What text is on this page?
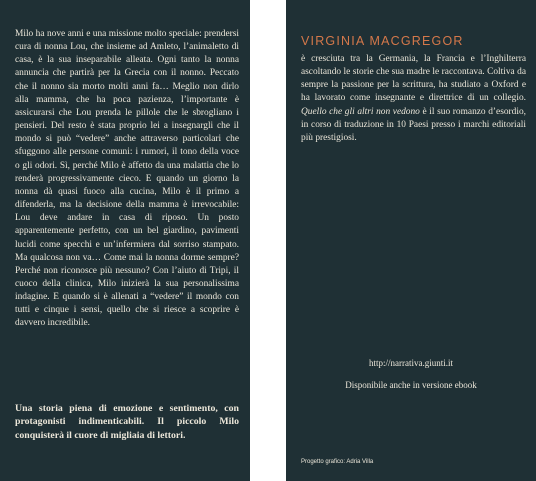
Milo ha nove anni e una missione molto speciale: prendersi cura di nonna Lou, che insieme ad Amleto, l’animaletto di casa, è la sua inseparabile alleata. Ogni tanto la nonna annuncia che partirà per la Grecia con il nonno. Peccato che il nonno sia morto molti anni fa… Meglio non dirlo alla mamma, che ha poca pazienza, l’importante è assicurarsi che Lou prenda le pillole che le sbrogliano i pensieri. Del resto è stata proprio lei a insegnargli che il mondo si può “vedere” anche attraverso particolari che sfuggono alle persone comuni: i rumori, il tono della voce o gli odori. Sì, perché Milo è affetto da una malattia che lo renderà progressivamente cieco. E quando un giorno la nonna dà quasi fuoco alla cucina, Milo è il primo a difenderla, ma la decisione della mamma è irrevocabile: Lou deve andare in casa di riposo. Un posto apparentemente perfetto, con un bel giardino, pavimenti lucidi come specchi e un’infermiera dal sorriso stampato. Ma qualcosa non va… Come mai la nonna dorme sempre? Perché non riconosce più nessuno? Con l’aiuto di Tripi, il cuoco della clinica, Milo inizierà la sua personalissima indagine. E quando si è allenati a “vedere” il mondo con tutti e cinque i sensi, quello che si riesce a scoprire è davvero incredibile.

Una storia piena di emozione e sentimento, con protagonisti indimenticabili. Il piccolo Milo conquisterà il cuore di migliaia di lettori.
VIRGINIA MACGREGOR
è cresciuta tra la Germania, la Francia e l’Inghilterra ascoltando le storie che sua madre le raccontava. Coltiva da sempre la passione per la scrittura, ha studiato a Oxford e ha lavorato come insegnante e direttrice di un collegio. Quello che gli altri non vedono è il suo romanzo d’esordio, in corso di traduzione in 10 Paesi presso i marchi editoriali più prestigiosi.
http://narrativa.giunti.it
Disponibile anche in versione ebook
Progetto grafico: Adria Villa
